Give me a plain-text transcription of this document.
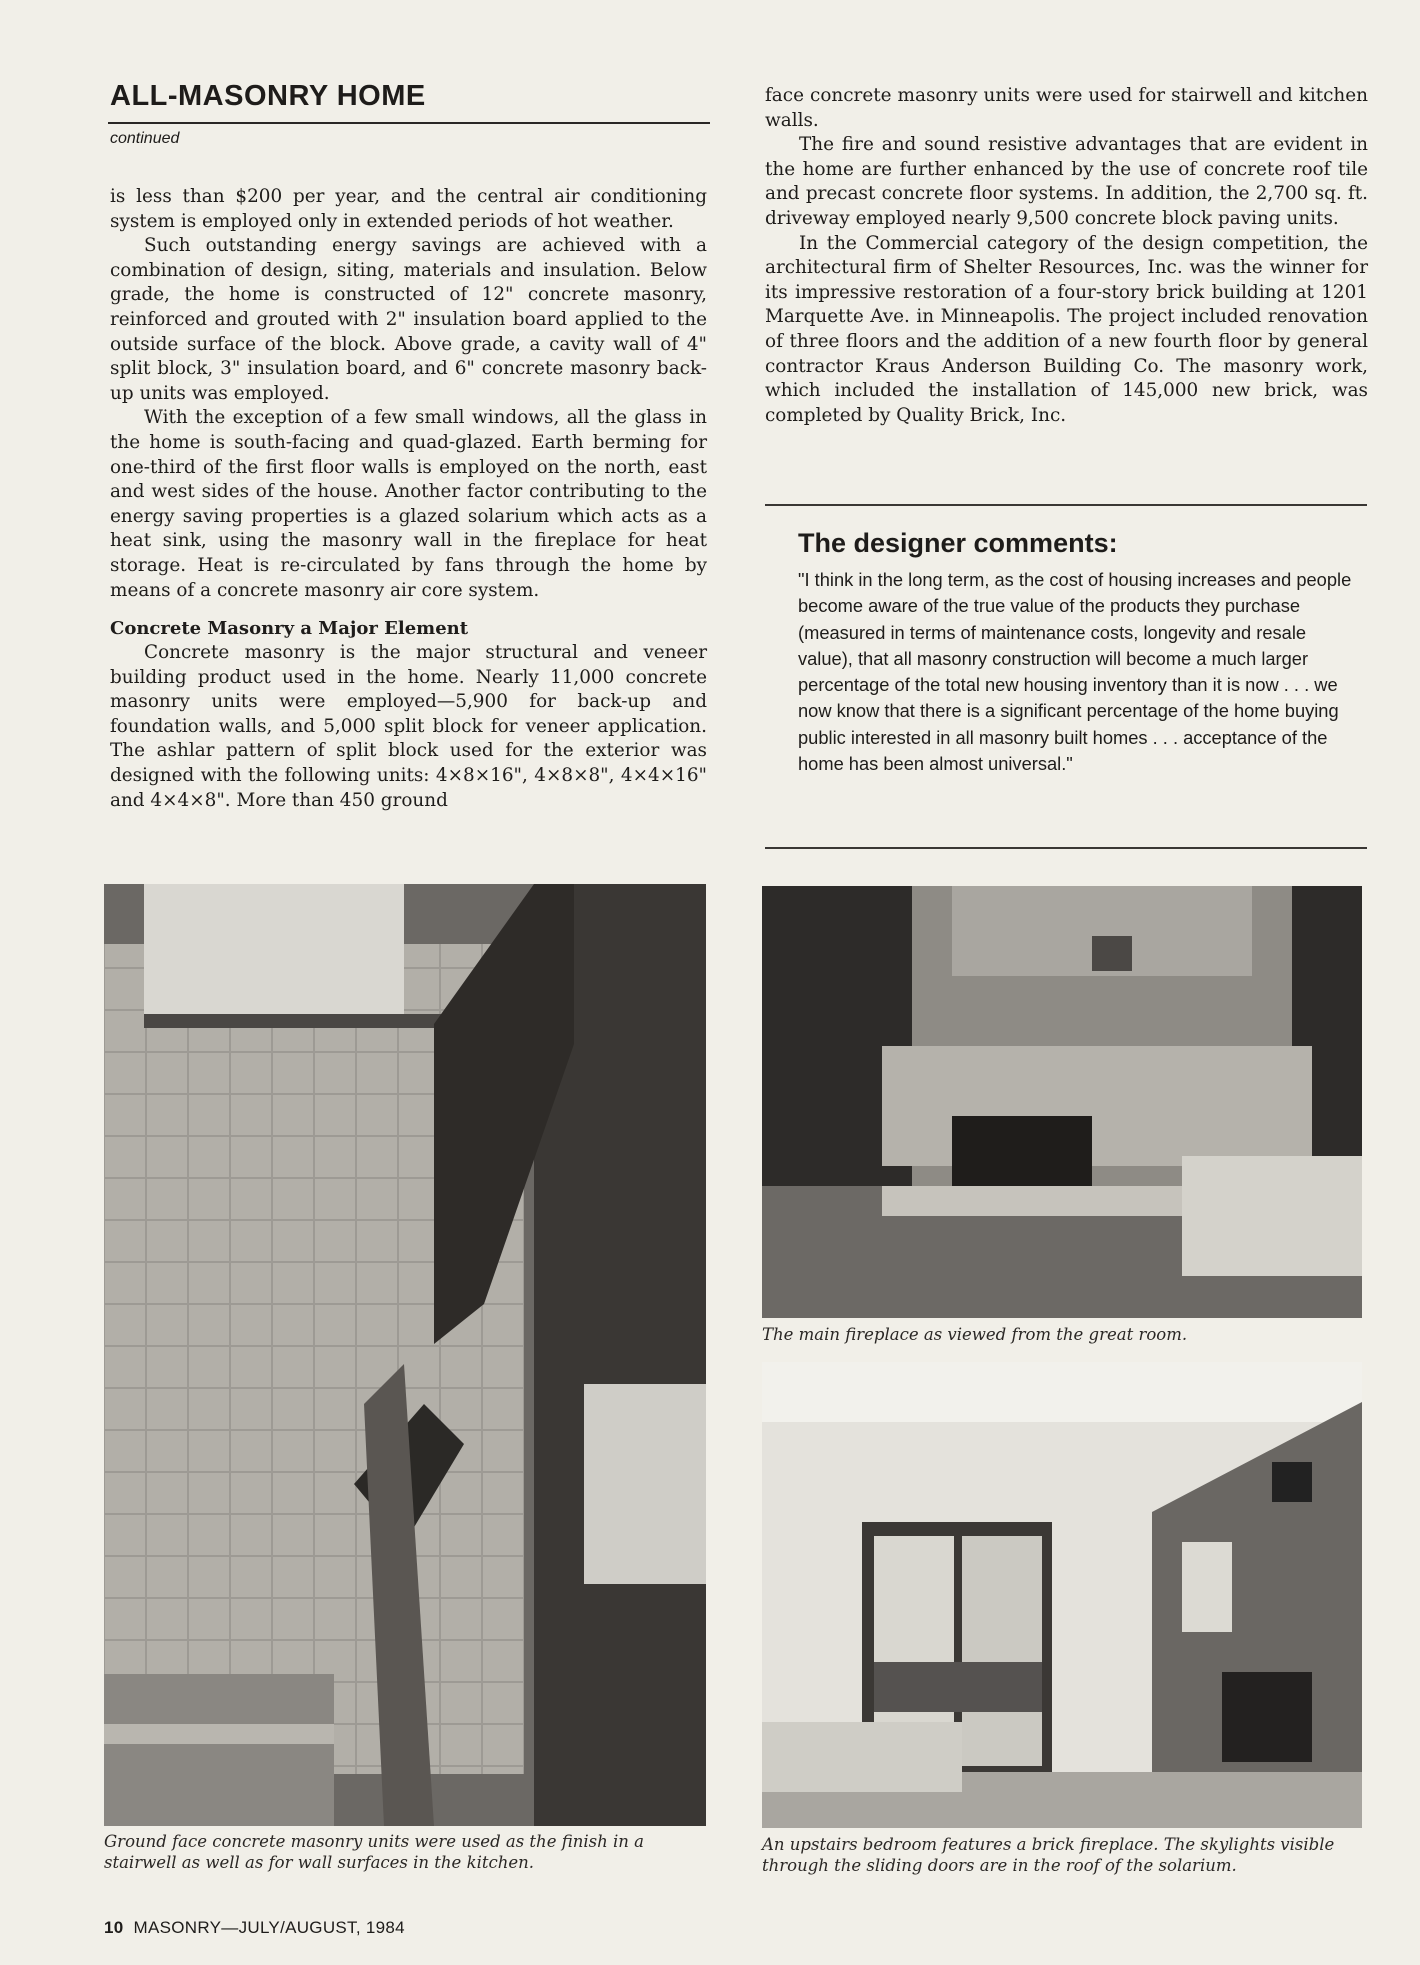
ALL-MASONRY HOME
continued

is less than $200 per year, and the central air conditioning system is employed only in extended periods of hot weather.

Such outstanding energy savings are achieved with a combination of design, siting, materials and insulation. Below grade, the home is constructed of 12" concrete masonry, reinforced and grouted with 2" insulation board applied to the outside surface of the block. Above grade, a cavity wall of 4" split block, 3" insulation board, and 6" concrete masonry back-up units was employed.

With the exception of a few small windows, all the glass in the home is south-facing and quad-glazed. Earth berming for one-third of the first floor walls is employed on the north, east and west sides of the house. Another factor contributing to the energy saving properties is a glazed solarium which acts as a heat sink, using the masonry wall in the fireplace for heat storage. Heat is re-circulated by fans through the home by means of a concrete masonry air core system.

Concrete Masonry a Major Element

Concrete masonry is the major structural and veneer building product used in the home. Nearly 11,000 concrete masonry units were employed—5,900 for back-up and foundation walls, and 5,000 split block for veneer application. The ashlar pattern of split block used for the exterior was designed with the following units: 4×8×16", 4×8×8", 4×4×16" and 4×4×8". More than 450 ground

face concrete masonry units were used for stairwell and kitchen walls.

The fire and sound resistive advantages that are evident in the home are further enhanced by the use of concrete roof tile and precast concrete floor systems. In addition, the 2,700 sq. ft. driveway employed nearly 9,500 concrete block paving units.

In the Commercial category of the design competition, the architectural firm of Shelter Resources, Inc. was the winner for its impressive restoration of a four-story brick building at 1201 Marquette Ave. in Minneapolis. The project included renovation of three floors and the addition of a new fourth floor by general contractor Kraus Anderson Building Co. The masonry work, which included the installation of 145,000 new brick, was completed by Quality Brick, Inc.

The designer comments:
"I think in the long term, as the cost of housing increases and people become aware of the true value of the products they purchase (measured in terms of maintenance costs, longevity and resale value), that all masonry construction will become a much larger percentage of the total new housing inventory than it is now . . . we now know that there is a significant percentage of the home buying public interested in all masonry built homes . . . acceptance of the home has been almost universal."
Ground face concrete masonry units were used as the finish in a stairwell as well as for wall surfaces in the kitchen.
The main fireplace as viewed from the great room.
An upstairs bedroom features a brick fireplace. The skylights visible through the sliding doors are in the roof of the solarium.
10 MASONRY—JULY/AUGUST, 1984
